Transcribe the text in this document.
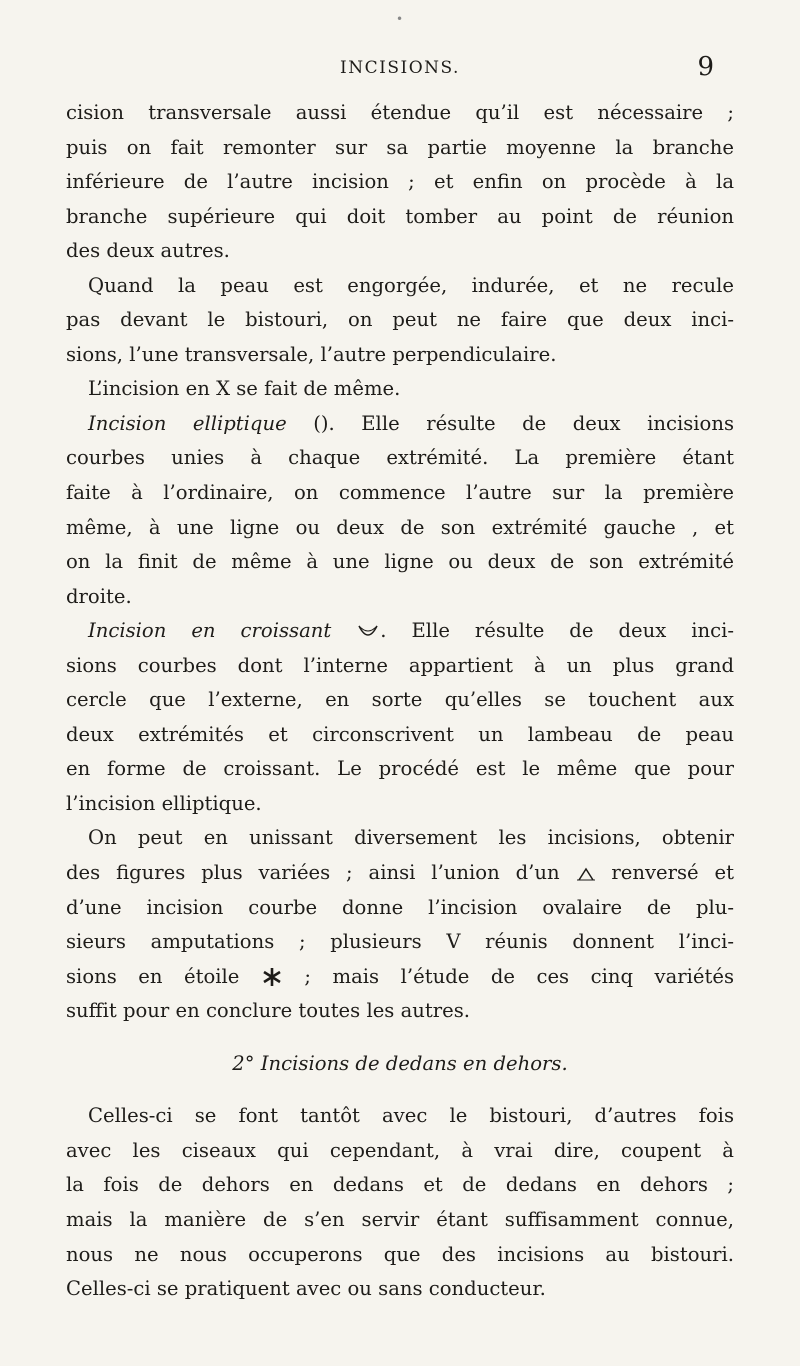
•
INCISIONS.	9
cision transversale aussi étendue qu’il est nécessaire ;
puis on fait remonter sur sa partie moyenne la branche
inférieure de l’autre incision ; et enfin on procède à la
branche supérieure qui doit tomber au point de réunion
des deux autres.
Quand la peau est engorgée, indurée, et ne recule
pas devant le bistouri, on peut ne faire que deux inci-
sions, l’une transversale, l’autre perpendiculaire.
L’incision en X se fait de même.
Incision elliptique (). Elle résulte de deux incisions
courbes unies à chaque extrémité. La première étant
faite à l’ordinaire, on commence l’autre sur la première
même, à une ligne ou deux de son extrémité gauche , et
on la finit de même à une ligne ou deux de son extrémité
droite.
Incision en croissant	. Elle résulte de deux inci-
sions courbes dont l’interne appartient à un plus grand
cercle que l’externe, en sorte qu’elles se touchent aux
deux extrémités et circonscrivent un lambeau de peau
en forme de croissant. Le procédé est le même que pour
l’incision elliptique.
On peut en unissant diversement les incisions, obtenir
des figures plus variées ; ainsi l’union d’un  renversé et
d’une incision courbe donne l’incision ovalaire de plu-
sieurs amputations ; plusieurs V réunis donnent l’inci-
sions en étoile  ; mais l’étude de ces cinq variétés
suffit pour en conclure toutes les autres.
2° Incisions de dedans en dehors.
Celles-ci se font tantôt avec le bistouri, d’autres fois
avec les ciseaux qui cependant, à vrai dire, coupent à
la fois de dehors en dedans et de dedans en dehors ;
mais la manière de s’en servir étant suffisamment connue,
nous ne nous occuperons que des incisions au bistouri.
Celles-ci se pratiquent avec ou sans conducteur.
